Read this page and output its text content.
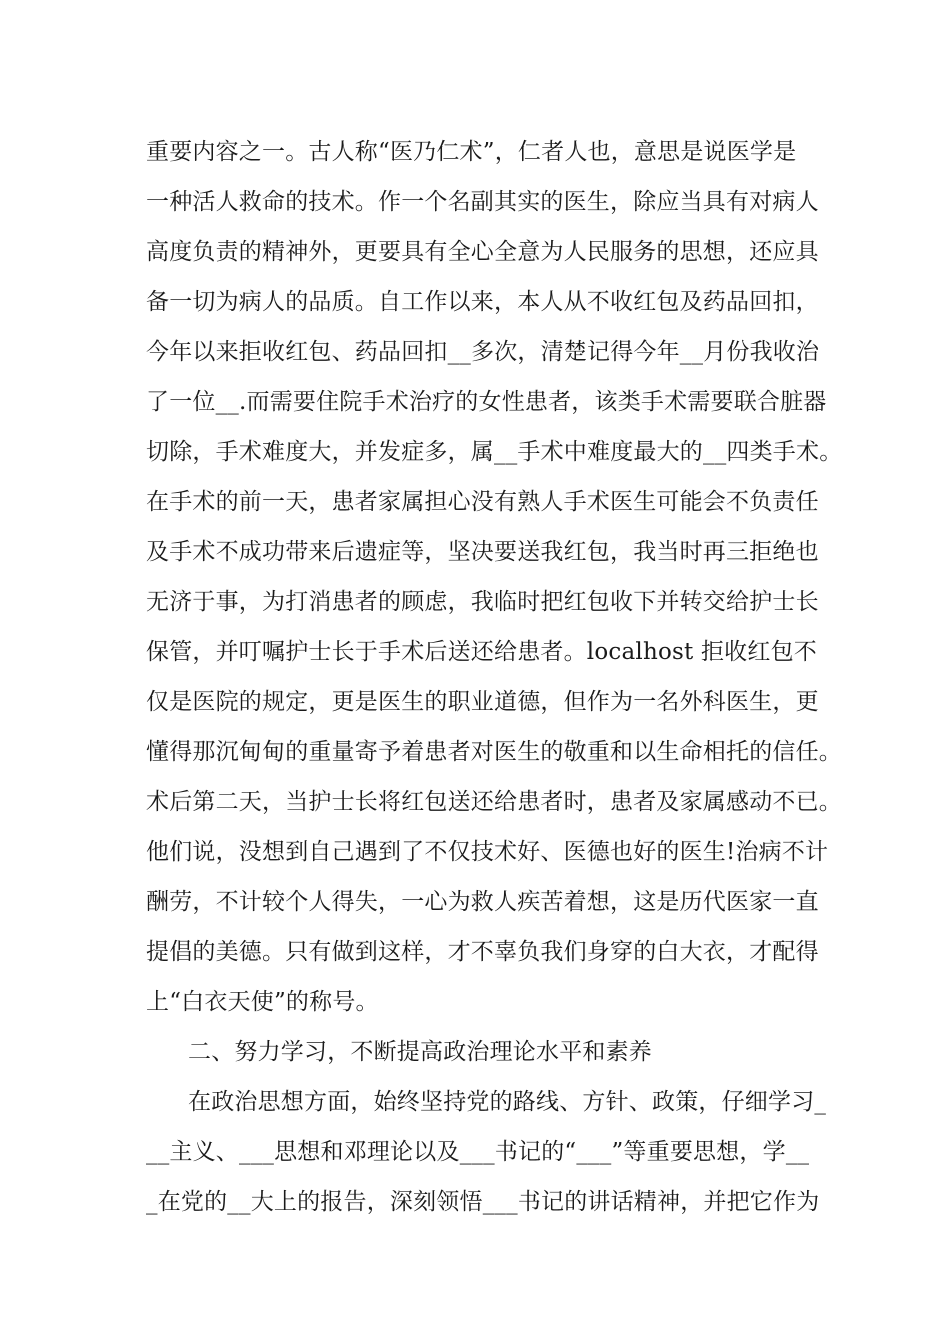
重要内容之一。古人称“医乃仁术”，仁者人也，意思是说医学是
一种活人救命的技术。作一个名副其实的医生，除应当具有对病人
高度负责的精神外，更要具有全心全意为人民服务的思想，还应具
备一切为病人的品质。自工作以来，本人从不收红包及药品回扣，
今年以来拒收红包、药品回扣__多次，清楚记得今年__月份我收治
了一位__.而需要住院手术治疗的女性患者，该类手术需要联合脏器
切除，手术难度大，并发症多，属__手术中难度最大的__四类手术。
在手术的前一天，患者家属担心没有熟人手术医生可能会不负责任
及手术不成功带来后遗症等，坚决要送我红包，我当时再三拒绝也
无济于事，为打消患者的顾虑，我临时把红包收下并转交给护士长
保管，并叮嘱护士长于手术后送还给患者。localhost 拒收红包不
仅是医院的规定，更是医生的职业道德，但作为一名外科医生，更
懂得那沉甸甸的重量寄予着患者对医生的敬重和以生命相托的信任。
术后第二天，当护士长将红包送还给患者时，患者及家属感动不已。
他们说，没想到自己遇到了不仅技术好、医德也好的医生!治病不计
酬劳，不计较个人得失，一心为救人疾苦着想，这是历代医家一直
提倡的美德。只有做到这样，才不辜负我们身穿的白大衣，才配得
上“白衣天使”的称号。
二、努力学习，不断提高政治理论水平和素养
在政治思想方面，始终坚持党的路线、方针、政策，仔细学习_
__主义、___思想和邓理论以及___书记的“___”等重要思想，学__
_在党的__大上的报告，深刻领悟___书记的讲话精神，并把它作为
